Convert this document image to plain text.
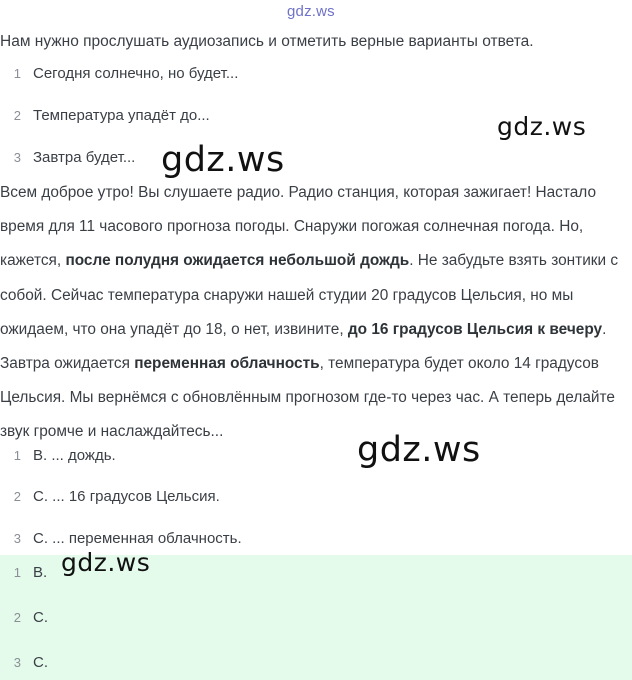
gdz.ws
Нам нужно прослушать аудиозапись и отметить верные варианты ответа.
1 Сегодня солнечно, но будет...
2 Температура упадёт до...
3 Завтра будет...

Всем доброе утро! Вы слушаете радио. Радио станция, которая зажигает! Настало время для 11 часового прогноза погоды. Снаружи погожая солнечная погода. Но, кажется, после полудня ожидается небольшой дождь. Не забудьте взять зонтики с собой. Сейчас температура снаружи нашей студии 20 градусов Цельсия, но мы ожидаем, что она упадёт до 18, о нет, извините, до 16 градусов Цельсия к вечеру. Завтра ожидается переменная облачность, температура будет около 14 градусов Цельсия. Мы вернёмся с обновлённым прогнозом где-то через час. А теперь делайте звук громче и наслаждайтесь...

1 B. ... дождь.
2 C. ... 16 градусов Цельсия.
3 C. ... переменная облачность.
1 B.
2 C.
3 C.
gdz.ws
gdz.ws
gdz.ws
gdz.ws
